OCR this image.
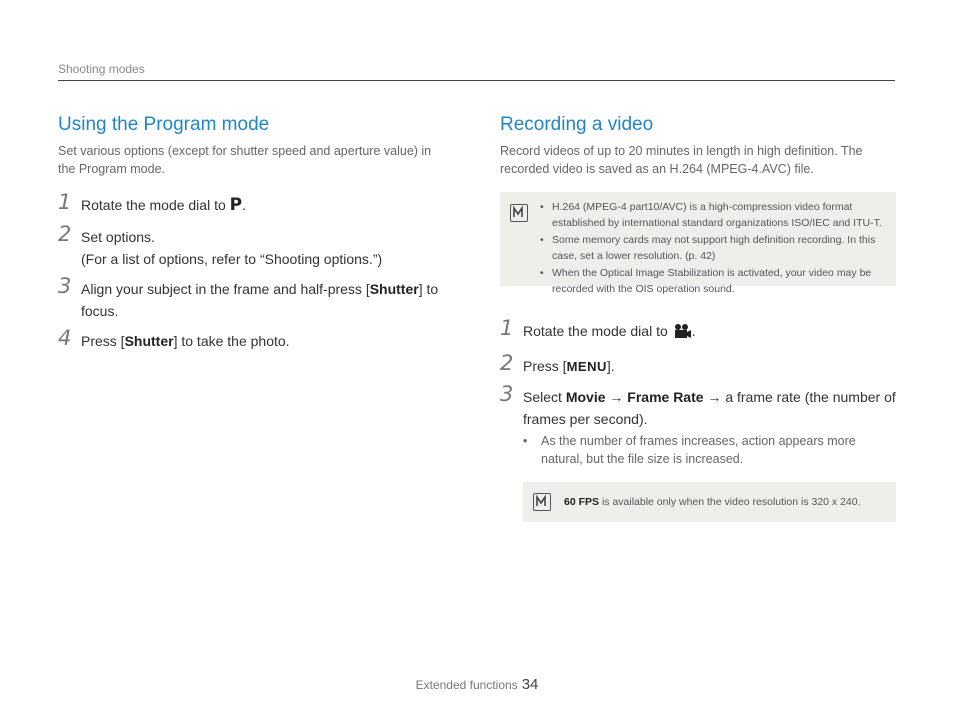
Shooting modes
Using the Program mode
Set various options (except for shutter speed and aperture value) in the Program mode.
1 Rotate the mode dial to P.
2 Set options.
(For a list of options, refer to “Shooting options.”)
3 Align your subject in the frame and half-press [Shutter] to focus.
4 Press [Shutter] to take the photo.
Recording a video
Record videos of up to 20 minutes in length in high definition. The recorded video is saved as an H.264 (MPEG-4.AVC) file.
• H.264 (MPEG-4 part10/AVC) is a high-compression video format established by international standard organizations ISO/IEC and ITU-T.
• Some memory cards may not support high definition recording. In this case, set a lower resolution. (p. 42)
• When the Optical Image Stabilization is activated, your video may be recorded with the OIS operation sound.
1 Rotate the mode dial to .
2 Press [MENU].
3 Select Movie → Frame Rate → a frame rate (the number of frames per second).
• As the number of frames increases, action appears more natural, but the file size is increased.
60 FPS is available only when the video resolution is 320 x 240.
Extended functions 34
